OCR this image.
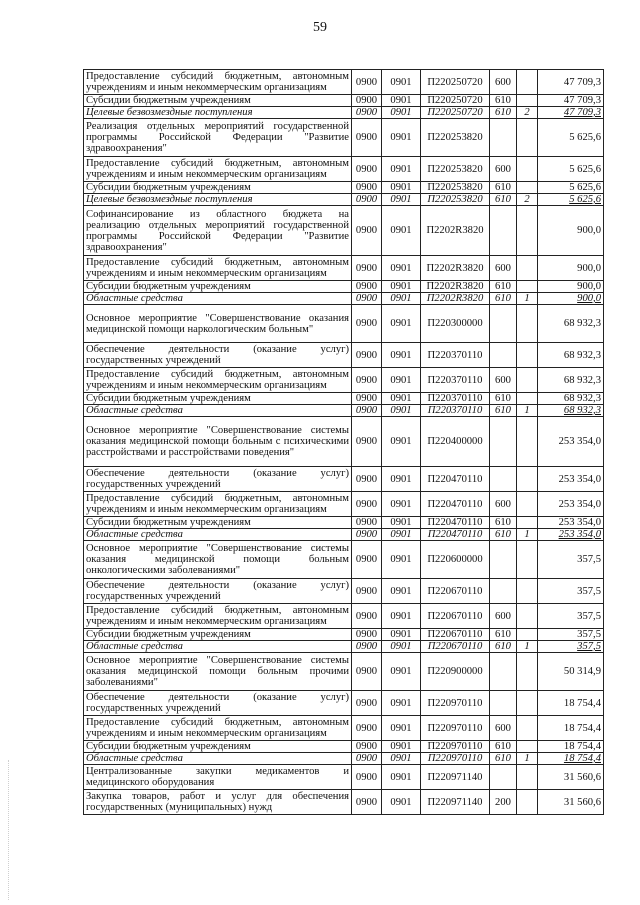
59
Предоставление субсидий бюджетным, автономным учреждениям и иным некоммерческим организациям	0900	0901	П220250720	600		47 709,3
Субсидии бюджетным учреждениям	0900	0901	П220250720	610		47 709,3
Целевые безвозмездные поступления	0900	0901	П220250720	610	2	47 709,3
Реализация отдельных мероприятий государственной программы Российской Федерации "Развитие здравоохранения"	0900	0901	П220253820			5 625,6
Предоставление субсидий бюджетным, автономным учреждениям и иным некоммерческим организациям	0900	0901	П220253820	600		5 625,6
Субсидии бюджетным учреждениям	0900	0901	П220253820	610		5 625,6
Целевые безвозмездные поступления	0900	0901	П220253820	610	2	5 625,6
Софинансирование из областного бюджета на реализацию отдельных мероприятий государственной программы Российской Федерации "Развитие здравоохранения"	0900	0901	П2202R3820			900,0
Предоставление субсидий бюджетным, автономным учреждениям и иным некоммерческим организациям	0900	0901	П2202R3820	600		900,0
Субсидии бюджетным учреждениям	0900	0901	П2202R3820	610		900,0
Областные средства	0900	0901	П2202R3820	610	1	900,0
Основное мероприятие "Совершенствование оказания медицинской помощи наркологическим больным"	0900	0901	П220300000			68 932,3
Обеспечение деятельности (оказание услуг) государственных учреждений	0900	0901	П220370110			68 932,3
Предоставление субсидий бюджетным, автономным учреждениям и иным некоммерческим организациям	0900	0901	П220370110	600		68 932,3
Субсидии бюджетным учреждениям	0900	0901	П220370110	610		68 932,3
Областные средства	0900	0901	П220370110	610	1	68 932,3
Основное мероприятие "Совершенствование системы оказания медицинской помощи больным с психическими расстройствами и расстройствами поведения"	0900	0901	П220400000			253 354,0
Обеспечение деятельности (оказание услуг) государственных учреждений	0900	0901	П220470110			253 354,0
Предоставление субсидий бюджетным, автономным учреждениям и иным некоммерческим организациям	0900	0901	П220470110	600		253 354,0
Субсидии бюджетным учреждениям	0900	0901	П220470110	610		253 354,0
Областные средства	0900	0901	П220470110	610	1	253 354,0
Основное мероприятие "Совершенствование системы оказания медицинской помощи больным онкологическими заболеваниями"	0900	0901	П220600000			357,5
Обеспечение деятельности (оказание услуг) государственных учреждений	0900	0901	П220670110			357,5
Предоставление субсидий бюджетным, автономным учреждениям и иным некоммерческим организациям	0900	0901	П220670110	600		357,5
Субсидии бюджетным учреждениям	0900	0901	П220670110	610		357,5
Областные средства	0900	0901	П220670110	610	1	357,5
Основное мероприятие "Совершенствование системы оказания медицинской помощи больным прочими заболеваниями"	0900	0901	П220900000			50 314,9
Обеспечение деятельности (оказание услуг) государственных учреждений	0900	0901	П220970110			18 754,4
Предоставление субсидий бюджетным, автономным учреждениям и иным некоммерческим организациям	0900	0901	П220970110	600		18 754,4
Субсидии бюджетным учреждениям	0900	0901	П220970110	610		18 754,4
Областные средства	0900	0901	П220970110	610	1	18 754,4
Централизованные закупки медикаментов и медицинского оборудования	0900	0901	П220971140			31 560,6
Закупка товаров, работ и услуг для обеспечения государственных (муниципальных) нужд	0900	0901	П220971140	200		31 560,6
